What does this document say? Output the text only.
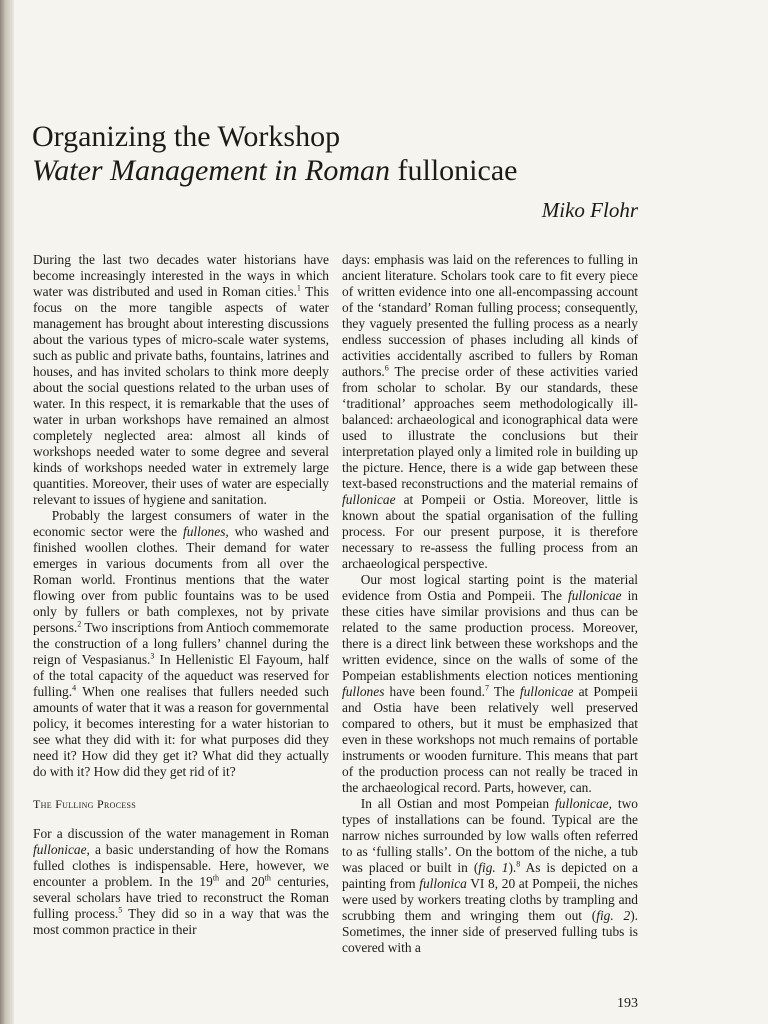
Organizing the Workshop
Water Management in Roman fullonicae
Miko Flohr

During the last two decades water historians have become increasingly interested in the ways in which water was distributed and used in Roman cities.$^1$ This focus on the more tangible aspects of water management has brought about interesting discussions about the various types of micro-scale water systems, such as public and private baths, fountains, latrines and houses, and has invited scholars to think more deeply about the social questions related to the urban uses of water. In this respect, it is remarkable that the uses of water in urban workshops have remained an almost completely neglected area: almost all kinds of workshops needed water to some degree and several kinds of workshops needed water in extremely large quantities. Moreover, their uses of water are especially relevant to issues of hygiene and sanitation.

Probably the largest consumers of water in the economic sector were the fullones, who washed and finished woollen clothes. Their demand for water emerges in various documents from all over the Roman world. Frontinus mentions that the water flowing over from public fountains was to be used only by fullers or bath complexes, not by private persons.$^2$ Two inscriptions from Antioch commemorate the construction of a long fullers’ channel during the reign of Vespasianus.$^3$ In Hellenistic El Fayoum, half of the total capacity of the aqueduct was reserved for fulling.$^4$ When one realises that fullers needed such amounts of water that it was a reason for governmental policy, it becomes interesting for a water historian to see what they did with it: for what purposes did they need it? How did they get it? What did they actually do with it? How did they get rid of it?

The Fulling Process

For a discussion of the water management in Roman fullonicae, a basic understanding of how the Romans fulled clothes is indispensable. Here, however, we encounter a problem. In the 19th and 20th centuries, several scholars have tried to reconstruct the Roman fulling process.$^5$ They did so in a way that was the most common practice in their

days: emphasis was laid on the references to fulling in ancient literature. Scholars took care to fit every piece of written evidence into one all-encompassing account of the ‘standard’ Roman fulling process; consequently, they vaguely presented the fulling process as a nearly endless succession of phases including all kinds of activities accidentally ascribed to fullers by Roman authors.$^6$ The precise order of these activities varied from scholar to scholar. By our standards, these ‘traditional’ approaches seem methodologically ill-balanced: archaeological and iconographical data were used to illustrate the conclusions but their interpretation played only a limited role in building up the picture. Hence, there is a wide gap between these text-based reconstructions and the material remains of fullonicae at Pompeii or Ostia. Moreover, little is known about the spatial organisation of the fulling process. For our present purpose, it is therefore necessary to re-assess the fulling process from an archaeological perspective.

Our most logical starting point is the material evidence from Ostia and Pompeii. The fullonicae in these cities have similar provisions and thus can be related to the same production process. Moreover, there is a direct link between these workshops and the written evidence, since on the walls of some of the Pompeian establishments election notices mentioning fullones have been found.$^7$ The fullonicae at Pompeii and Ostia have been relatively well preserved compared to others, but it must be emphasized that even in these workshops not much remains of portable instruments or wooden furniture. This means that part of the production process can not really be traced in the archaeological record. Parts, however, can.

In all Ostian and most Pompeian fullonicae, two types of installations can be found. Typical are the narrow niches surrounded by low walls often referred to as ‘fulling stalls’. On the bottom of the niche, a tub was placed or built in (fig. 1).$^8$ As is depicted on a painting from fullonica VI 8, 20 at Pompeii, the niches were used by workers treating cloths by trampling and scrubbing them and wringing them out (fig. 2). Sometimes, the inner side of preserved fulling tubs is covered with a

193
